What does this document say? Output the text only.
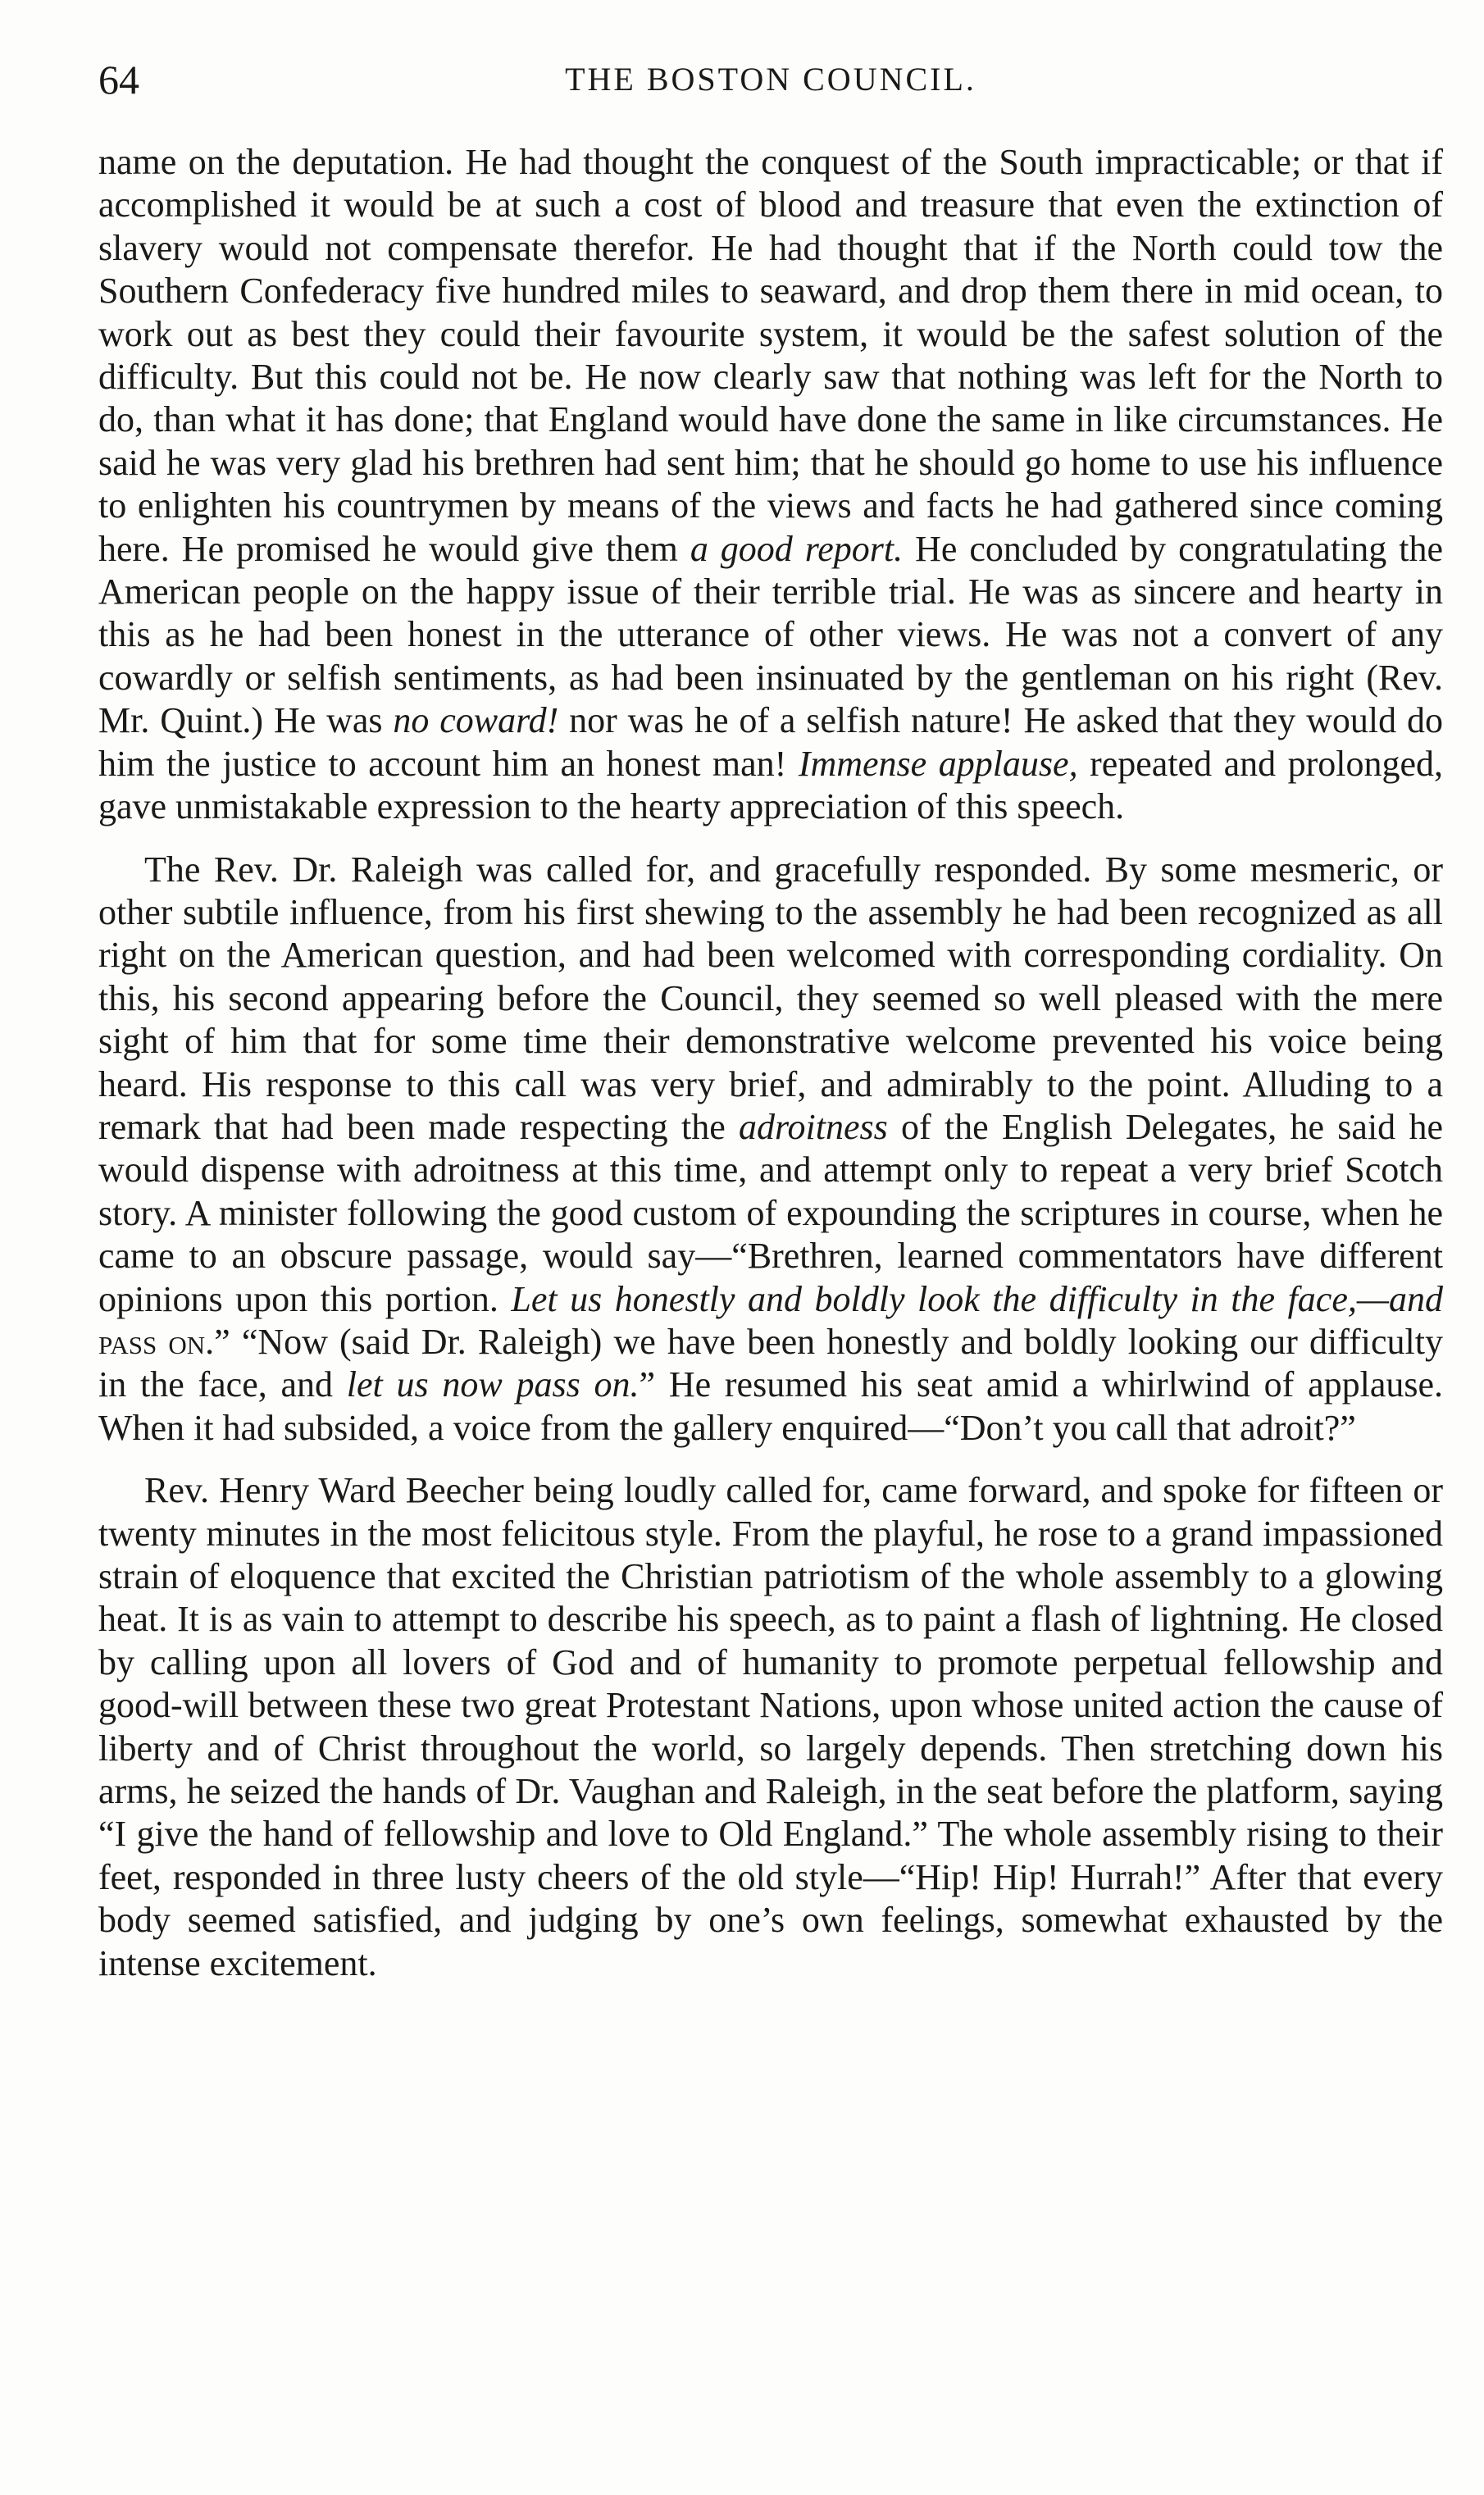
64	THE BOSTON COUNCIL.

name on the deputation. He had thought the conquest of the South impracticable; or that if accomplished it would be at such a cost of blood and treasure that even the extinction of slavery would not compensate therefor. He had thought that if the North could tow the Southern Confederacy five hundred miles to seaward, and drop them there in mid ocean, to work out as best they could their favourite system, it would be the safest solution of the difficulty. But this could not be. He now clearly saw that nothing was left for the North to do, than what it has done; that England would have done the same in like circumstances. He said he was very glad his brethren had sent him; that he should go home to use his influence to enlighten his countrymen by means of the views and facts he had gathered since coming here. He promised he would give them a good report. He concluded by congratulating the American people on the happy issue of their terrible trial. He was as sincere and hearty in this as he had been honest in the utterance of other views. He was not a convert of any cowardly or selfish sentiments, as had been insinuated by the gentleman on his right (Rev. Mr. Quint.) He was no coward! nor was he of a selfish nature! He asked that they would do him the justice to account him an honest man! Immense applause, repeated and prolonged, gave unmistakable expression to the hearty appreciation of this speech.

The Rev. Dr. Raleigh was called for, and gracefully responded. By some mesmeric, or other subtile influence, from his first shewing to the assembly he had been recognized as all right on the American question, and had been welcomed with corresponding cordiality. On this, his second appearing before the Council, they seemed so well pleased with the mere sight of him that for some time their demonstrative welcome prevented his voice being heard. His response to this call was very brief, and admirably to the point. Alluding to a remark that had been made respecting the adroitness of the English Delegates, he said he would dispense with adroitness at this time, and attempt only to repeat a very brief Scotch story. A minister following the good custom of expounding the scriptures in course, when he came to an obscure passage, would say—“Brethren, learned commentators have different opinions upon this portion. Let us honestly and boldly look the difficulty in the face,—and pass on.” “Now (said Dr. Raleigh) we have been honestly and boldly looking our difficulty in the face, and let us now pass on.” He resumed his seat amid a whirlwind of applause. When it had subsided, a voice from the gallery enquired—“Don’t you call that adroit?”

Rev. Henry Ward Beecher being loudly called for, came forward, and spoke for fifteen or twenty minutes in the most felicitous style. From the playful, he rose to a grand impassioned strain of eloquence that excited the Christian patriotism of the whole assembly to a glowing heat. It is as vain to attempt to describe his speech, as to paint a flash of lightning. He closed by calling upon all lovers of God and of humanity to promote perpetual fellowship and good-will between these two great Protestant Nations, upon whose united action the cause of liberty and of Christ throughout the world, so largely depends. Then stretching down his arms, he seized the hands of Dr. Vaughan and Raleigh, in the seat before the platform, saying “I give the hand of fellowship and love to Old England.” The whole assembly rising to their feet, responded in three lusty cheers of the old style—“Hip! Hip! Hurrah!” After that every body seemed satisfied, and judging by one’s own feelings, somewhat exhausted by the intense excitement.
